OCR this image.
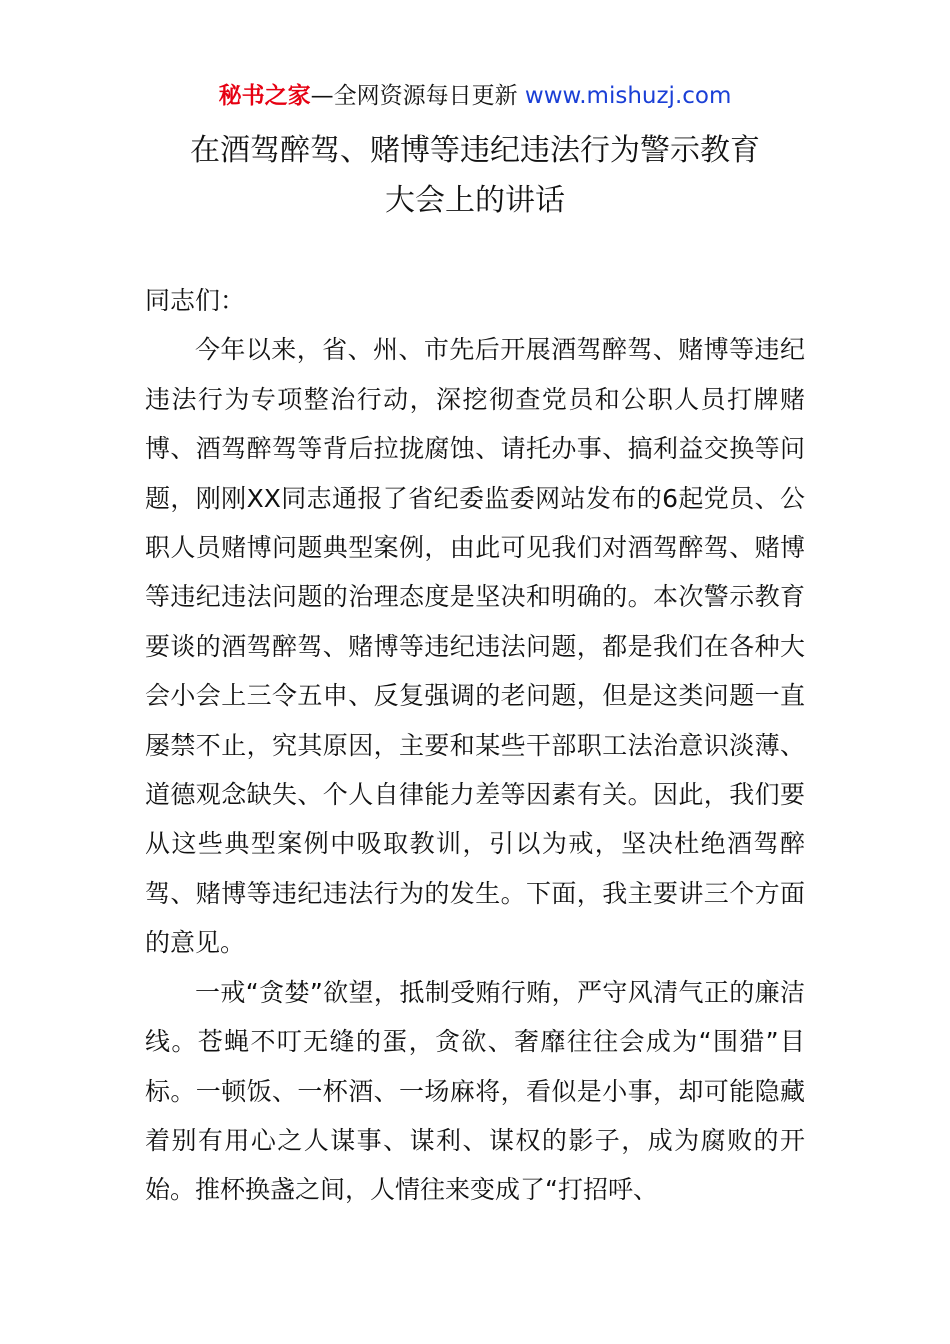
秘书之家—全网资源每日更新 www.mishuzj.com
在酒驾醉驾、赌博等违纪违法行为警示教育
大会上的讲话

同志们：

今年以来，省、州、市先后开展酒驾醉驾、赌博等违纪违法行为专项整治行动，深挖彻查党员和公职人员打牌赌博、酒驾醉驾等背后拉拢腐蚀、请托办事、搞利益交换等问题，刚刚XX同志通报了省纪委监委网站发布的6起党员、公职人员赌博问题典型案例，由此可见我们对酒驾醉驾、赌博等违纪违法问题的治理态度是坚决和明确的。本次警示教育要谈的酒驾醉驾、赌博等违纪违法问题，都是我们在各种大会小会上三令五申、反复强调的老问题，但是这类问题一直屡禁不止，究其原因，主要和某些干部职工法治意识淡薄、道德观念缺失、个人自律能力差等因素有关。因此，我们要从这些典型案例中吸取教训，引以为戒，坚决杜绝酒驾醉驾、赌博等违纪违法行为的发生。下面，我主要讲三个方面的意见。

一戒“贪婪”欲望，抵制受贿行贿，严守风清气正的廉洁线。苍蝇不叮无缝的蛋，贪欲、奢靡往往会成为“围猎”目标。一顿饭、一杯酒、一场麻将，看似是小事，却可能隐藏着别有用心之人谋事、谋利、谋权的影子，成为腐败的开始。推杯换盏之间，人情往来变成了“打招呼、
